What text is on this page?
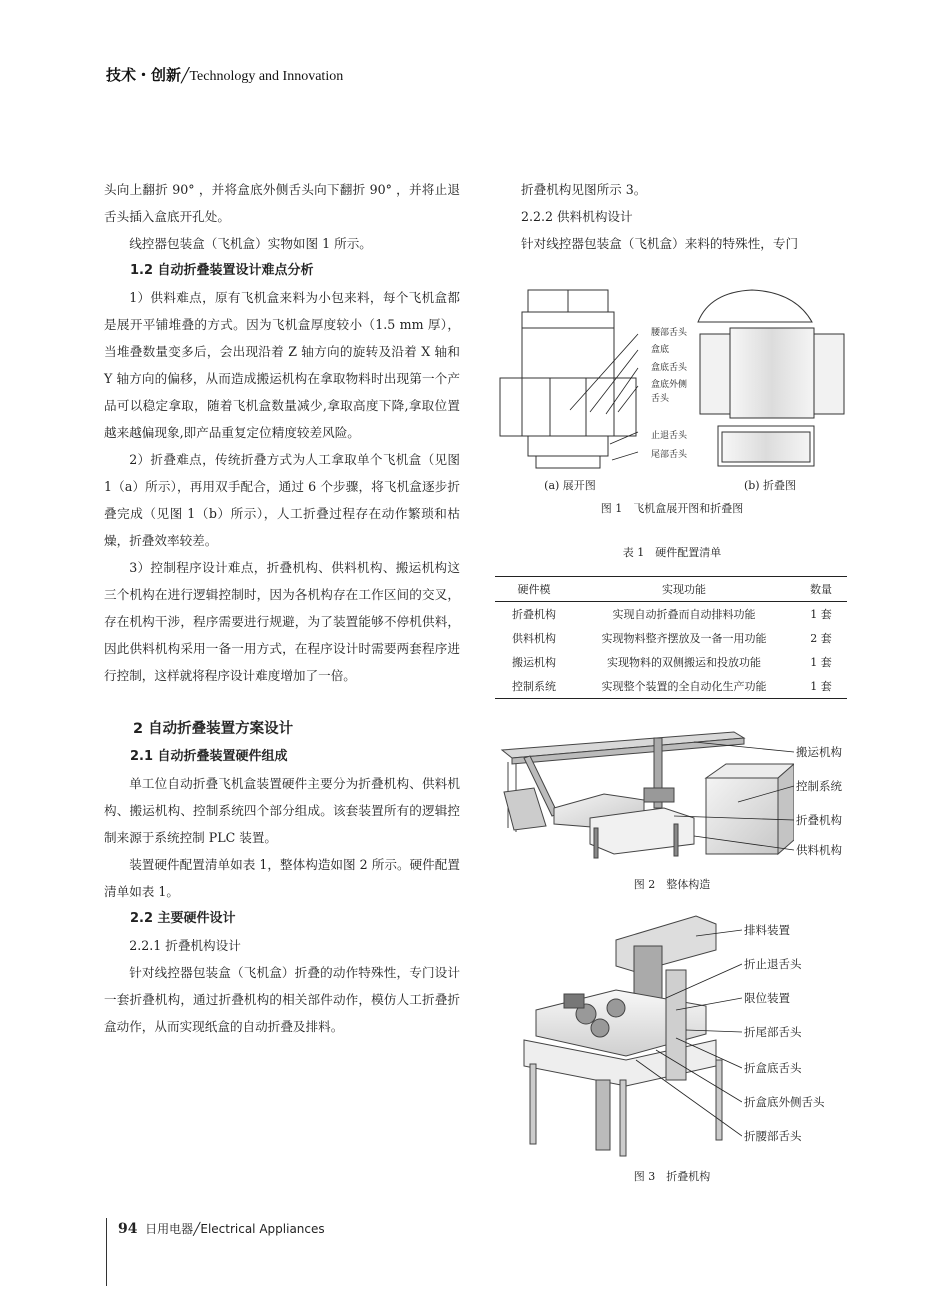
技术・创新╱Technology and Innovation

头向上翻折 90° ，并将盒底外侧舌头向下翻折 90° ，并将止退舌头插入盒底开孔处。

线控器包装盒（飞机盒）实物如图 1 所示。

1.2 自动折叠装置设计难点分析

1）供料难点，原有飞机盒来料为小包来料，每个飞机盒都是展开平铺堆叠的方式。因为飞机盒厚度较小（1.5 mm 厚），当堆叠数量变多后，会出现沿着 Z 轴方向的旋转及沿着 X 轴和 Y 轴方向的偏移，从而造成搬运机构在拿取物料时出现第一个产品可以稳定拿取，随着飞机盒数量减少,拿取高度下降,拿取位置越来越偏现象,即产品重复定位精度较差风险。

2）折叠难点，传统折叠方式为人工拿取单个飞机盒（见图 1（a）所示），再用双手配合，通过 6 个步骤，将飞机盒逐步折叠完成（见图 1（b）所示），人工折叠过程存在动作繁琐和枯燥，折叠效率较差。

3）控制程序设计难点，折叠机构、供料机构、搬运机构这三个机构在进行逻辑控制时，因为各机构存在工作区间的交叉，存在机构干涉，程序需要进行规避，为了装置能够不停机供料，因此供料机构采用一备一用方式，在程序设计时需要两套程序进行控制，这样就将程序设计难度增加了一倍。

2 自动折叠装置方案设计

2.1 自动折叠装置硬件组成

单工位自动折叠飞机盒装置硬件主要分为折叠机构、供料机构、搬运机构、控制系统四个部分组成。该套装置所有的逻辑控制来源于系统控制 PLC 装置。

装置硬件配置清单如表 1，整体构造如图 2 所示。硬件配置清单如表 1。

2.2 主要硬件设计

2.2.1 折叠机构设计

针对线控器包装盒（飞机盒）折叠的动作特殊性，专门设计一套折叠机构，通过折叠机构的相关部件动作，模仿人工折叠折盒动作，从而实现纸盒的自动折叠及排料。

折叠机构见图所示 3。

2.2.2 供料机构设计

针对线控器包装盒（飞机盒）来料的特殊性，专门

腰部舌头
盒底
盒底舌头
盒底外侧
舌头
止退舌头
尾部舌头
(a) 展开图	(b) 折叠图
图 1　飞机盒展开图和折叠图
表 1　硬件配置清单
硬件模	实现功能	数量
折叠机构	实现自动折叠而自动排料功能	1 套
供料机构	实现物料整齐摆放及一备一用功能	2 套
搬运机构	实现物料的双侧搬运和投放功能	1 套
控制系统	实现整个装置的全自动化生产功能	1 套
搬运机构
控制系统
折叠机构
供料机构
图 2　整体构造
排料装置
折止退舌头
限位装置
折尾部舌头
折盒底舌头
折盒底外侧舌头
折腰部舌头
图 3　折叠机构
94 日用电器╱Electrical Appliances
